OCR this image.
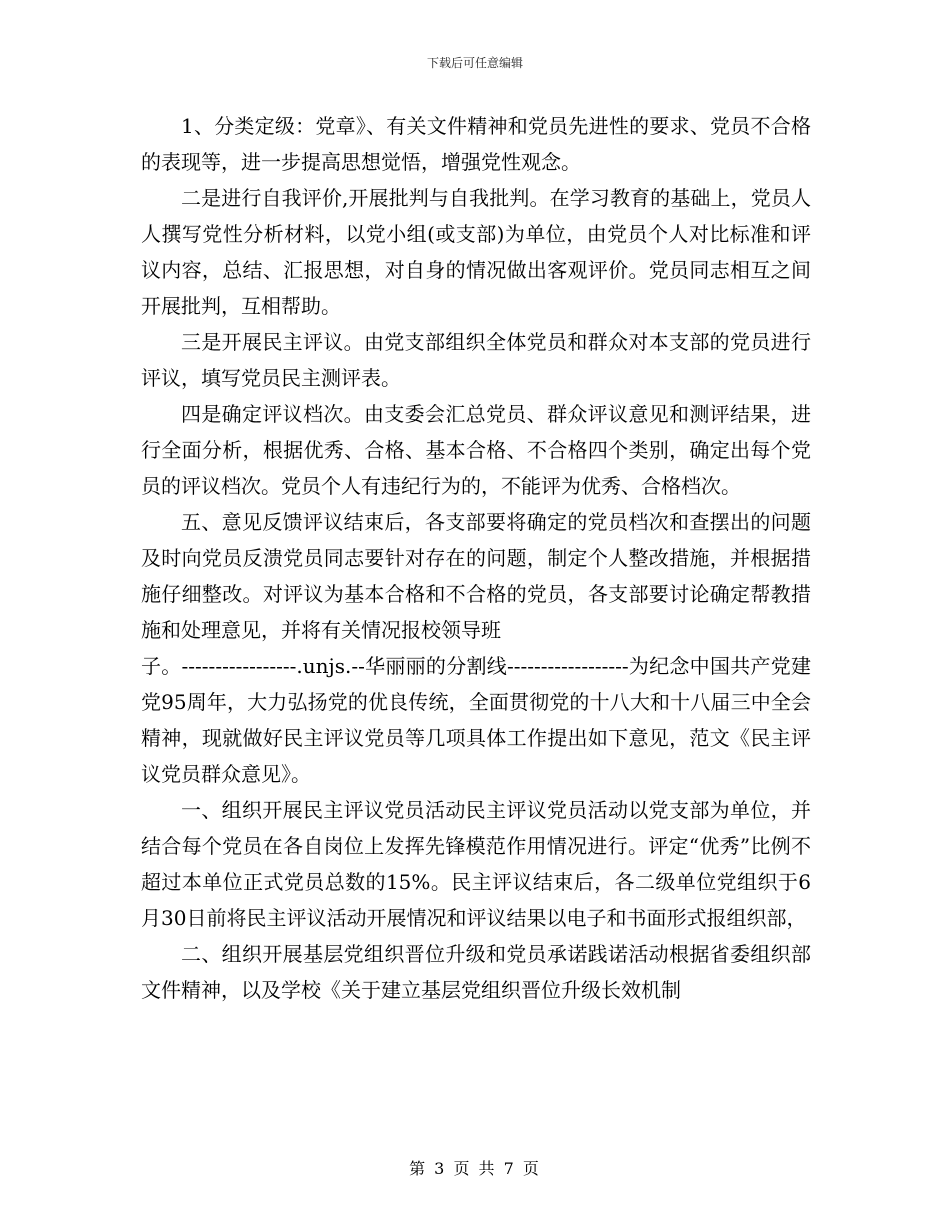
下载后可任意编辑

1、分类定级：党章》、有关文件精神和党员先进性的要求、党员不合格的表现等，进一步提高思想觉悟，增强党性观念。

二是进行自我评价,开展批判与自我批判。在学习教育的基础上，党员人人撰写党性分析材料，以党小组(或支部)为单位，由党员个人对比标准和评议内容，总结、汇报思想，对自身的情况做出客观评价。党员同志相互之间开展批判，互相帮助。

三是开展民主评议。由党支部组织全体党员和群众对本支部的党员进行评议，填写党员民主测评表。

四是确定评议档次。由支委会汇总党员、群众评议意见和测评结果，进行全面分析，根据优秀、合格、基本合格、不合格四个类别，确定出每个党员的评议档次。党员个人有违纪行为的，不能评为优秀、合格档次。

五、意见反馈评议结束后，各支部要将确定的党员档次和查摆出的问题及时向党员反溃党员同志要针对存在的问题，制定个人整改措施，并根据措施仔细整改。对评议为基本合格和不合格的党员，各支部要讨论确定帮教措施和处理意见，并将有关情况报校领导班

子。-----------------.unjs.--华丽丽的分割线------------------为纪念中国共产党建党95周年，大力弘扬党的优良传统，全面贯彻党的十八大和十八届三中全会精神，现就做好民主评议党员等几项具体工作提出如下意见，范文《民主评议党员群众意见》。

一、组织开展民主评议党员活动民主评议党员活动以党支部为单位，并结合每个党员在各自岗位上发挥先锋模范作用情况进行。评定“优秀”比例不超过本单位正式党员总数的15%。民主评议结束后，各二级单位党组织于6月30日前将民主评议活动开展情况和评议结果以电子和书面形式报组织部，

二、组织开展基层党组织晋位升级和党员承诺践诺活动根据省委组织部文件精神，以及学校《关于建立基层党组织晋位升级长效机制

第 3 页 共 7 页
